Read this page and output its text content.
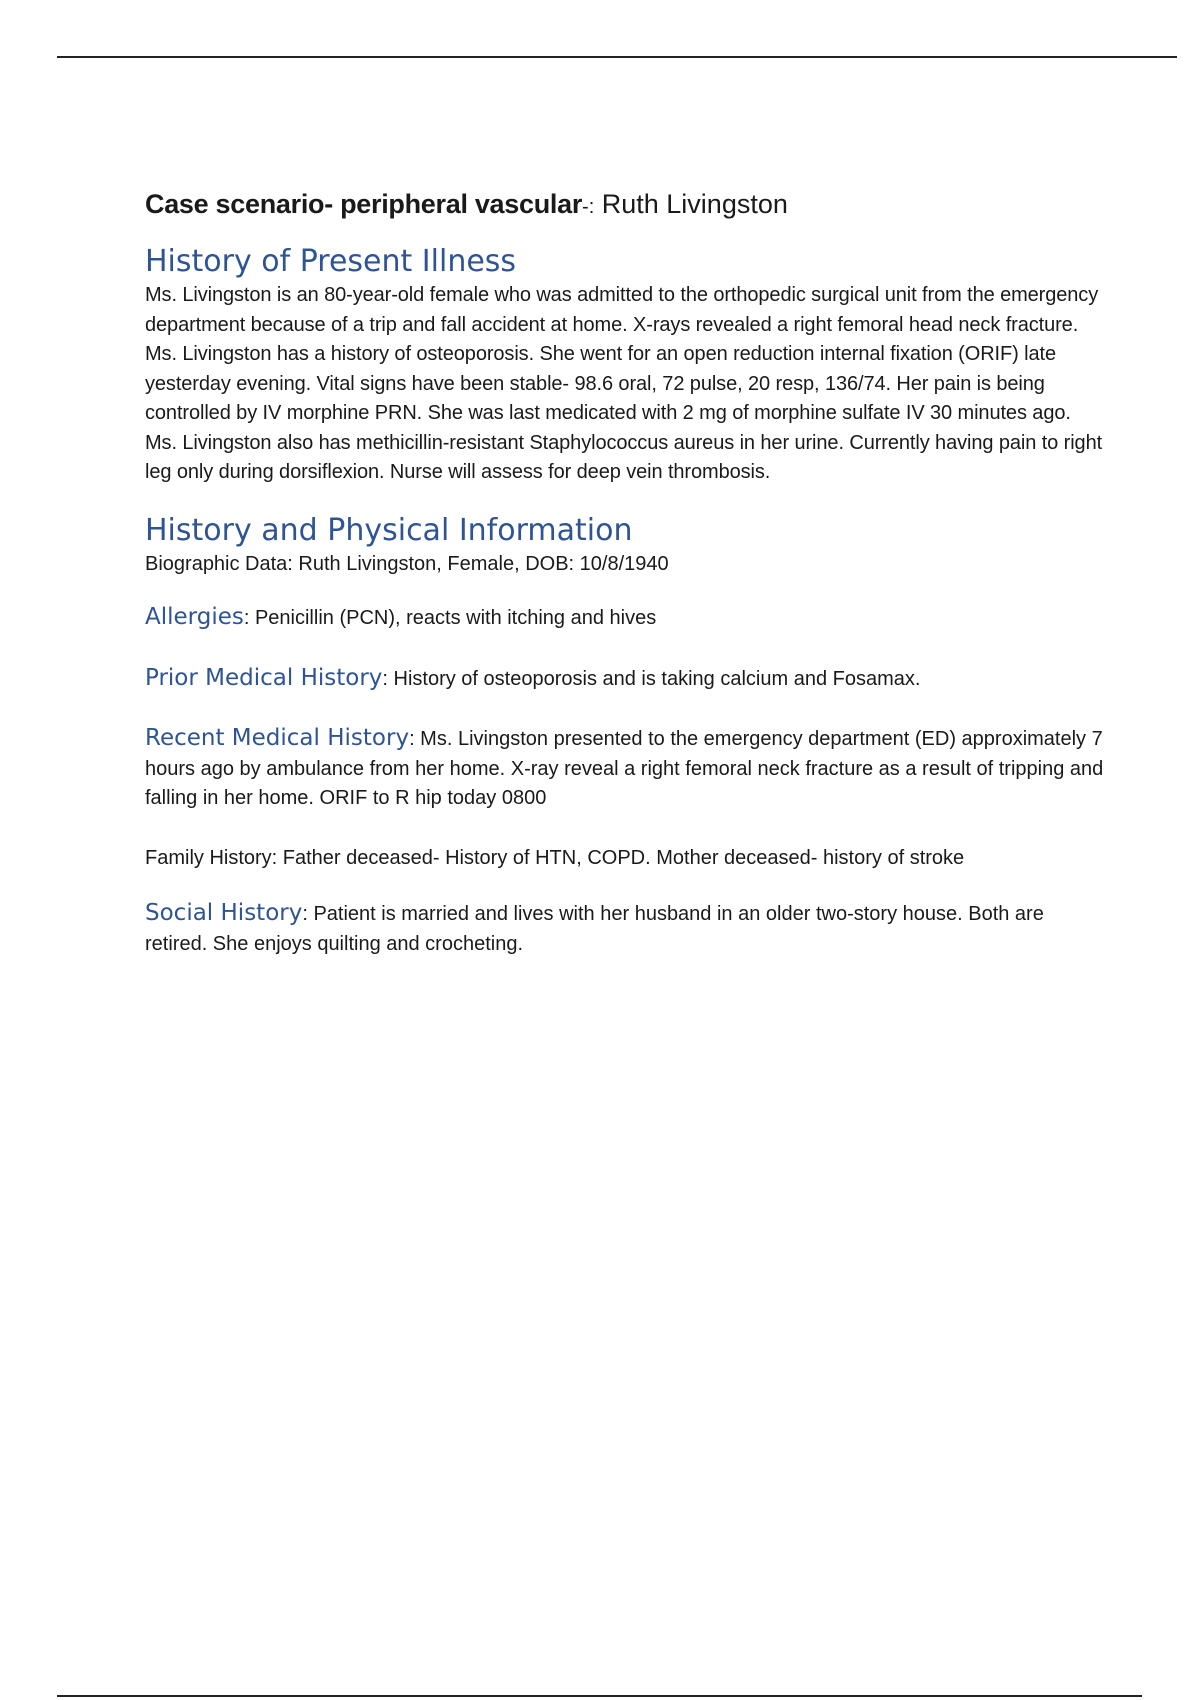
Case scenario- peripheral vascular-: Ruth Livingston

History of Present Illness

Ms. Livingston is an 80-year-old female who was admitted to the orthopedic surgical unit from the emergency department because of a trip and fall accident at home. X-rays revealed a right femoral head neck fracture. Ms. Livingston has a history of osteoporosis. She went for an open reduction internal fixation (ORIF) late yesterday evening. Vital signs have been stable- 98.6 oral, 72 pulse, 20 resp, 136/74. Her pain is being controlled by IV morphine PRN. She was last medicated with 2 mg of morphine sulfate IV 30 minutes ago. Ms. Livingston also has methicillin-resistant Staphylococcus aureus in her urine. Currently having pain to right leg only during dorsiflexion. Nurse will assess for deep vein thrombosis.

History and Physical Information

Biographic Data: Ruth Livingston, Female, DOB: 10/8/1940

Allergies: Penicillin (PCN), reacts with itching and hives

Prior Medical History: History of osteoporosis and is taking calcium and Fosamax.

Recent Medical History: Ms. Livingston presented to the emergency department (ED) approximately 7 hours ago by ambulance from her home. X-ray reveal a right femoral neck fracture as a result of tripping and falling in her home. ORIF to R hip today 0800

Family History: Father deceased- History of HTN, COPD. Mother deceased- history of stroke

Social History: Patient is married and lives with her husband in an older two-story house. Both are retired. She enjoys quilting and crocheting.
